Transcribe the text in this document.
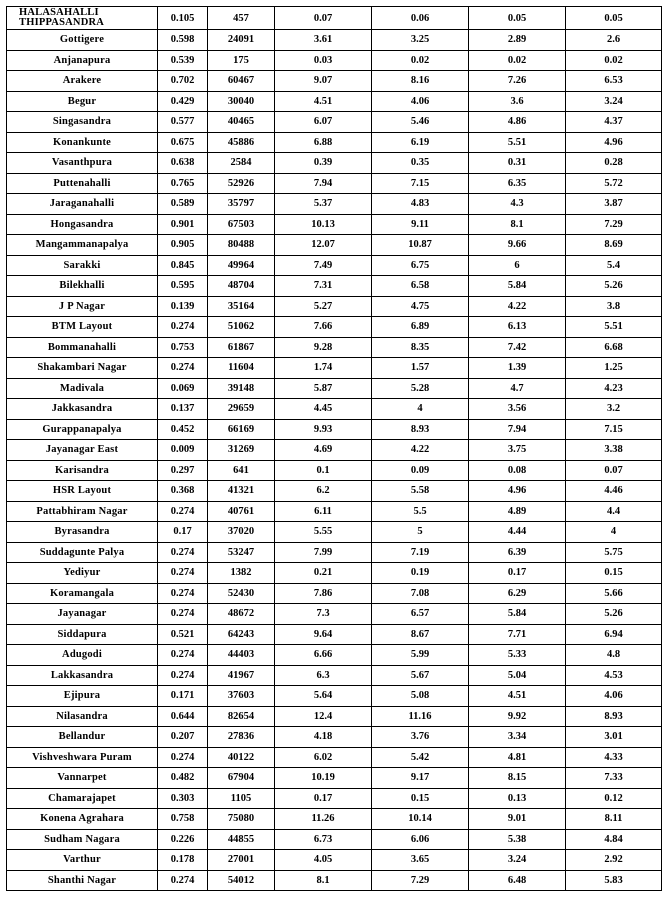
HALASAHALLI THIPPASANDRA	0.105	457	0.07	0.06	0.05	0.05
Gottigere	0.598	24091	3.61	3.25	2.89	2.6
Anjanapura	0.539	175	0.03	0.02	0.02	0.02
Arakere	0.702	60467	9.07	8.16	7.26	6.53
Begur	0.429	30040	4.51	4.06	3.6	3.24
Singasandra	0.577	40465	6.07	5.46	4.86	4.37
Konankunte	0.675	45886	6.88	6.19	5.51	4.96
Vasanthpura	0.638	2584	0.39	0.35	0.31	0.28
Puttenahalli	0.765	52926	7.94	7.15	6.35	5.72
Jaraganahalli	0.589	35797	5.37	4.83	4.3	3.87
Hongasandra	0.901	67503	10.13	9.11	8.1	7.29
Mangammanapalya	0.905	80488	12.07	10.87	9.66	8.69
Sarakki	0.845	49964	7.49	6.75	6	5.4
Bilekhalli	0.595	48704	7.31	6.58	5.84	5.26
J P Nagar	0.139	35164	5.27	4.75	4.22	3.8
BTM Layout	0.274	51062	7.66	6.89	6.13	5.51
Bommanahalli	0.753	61867	9.28	8.35	7.42	6.68
Shakambari Nagar	0.274	11604	1.74	1.57	1.39	1.25
Madivala	0.069	39148	5.87	5.28	4.7	4.23
Jakkasandra	0.137	29659	4.45	4	3.56	3.2
Gurappanapalya	0.452	66169	9.93	8.93	7.94	7.15
Jayanagar East	0.009	31269	4.69	4.22	3.75	3.38
Karisandra	0.297	641	0.1	0.09	0.08	0.07
HSR Layout	0.368	41321	6.2	5.58	4.96	4.46
Pattabhiram Nagar	0.274	40761	6.11	5.5	4.89	4.4
Byrasandra	0.17	37020	5.55	5	4.44	4
Suddagunte Palya	0.274	53247	7.99	7.19	6.39	5.75
Yediyur	0.274	1382	0.21	0.19	0.17	0.15
Koramangala	0.274	52430	7.86	7.08	6.29	5.66
Jayanagar	0.274	48672	7.3	6.57	5.84	5.26
Siddapura	0.521	64243	9.64	8.67	7.71	6.94
Adugodi	0.274	44403	6.66	5.99	5.33	4.8
Lakkasandra	0.274	41967	6.3	5.67	5.04	4.53
Ejipura	0.171	37603	5.64	5.08	4.51	4.06
Nilasandra	0.644	82654	12.4	11.16	9.92	8.93
Bellandur	0.207	27836	4.18	3.76	3.34	3.01
Vishveshwara Puram	0.274	40122	6.02	5.42	4.81	4.33
Vannarpet	0.482	67904	10.19	9.17	8.15	7.33
Chamarajapet	0.303	1105	0.17	0.15	0.13	0.12
Konena Agrahara	0.758	75080	11.26	10.14	9.01	8.11
Sudham Nagara	0.226	44855	6.73	6.06	5.38	4.84
Varthur	0.178	27001	4.05	3.65	3.24	2.92
Shanthi Nagar	0.274	54012	8.1	7.29	6.48	5.83
